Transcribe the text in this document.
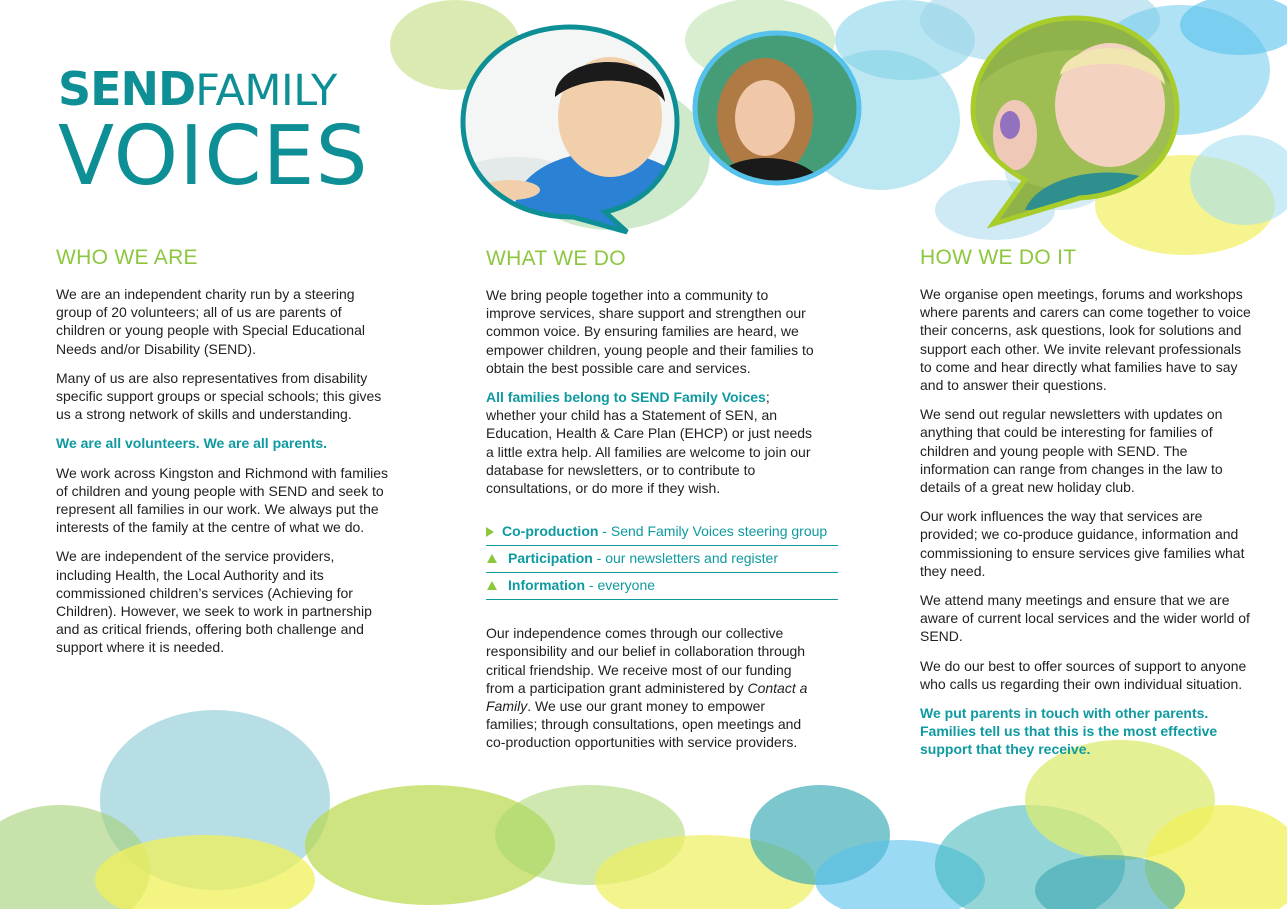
SENDFAMILY
VOICES
WHO WE ARE

We are an independent charity run by a steering group of 20 volunteers; all of us are parents of children or young people with Special Educational Needs and/or Disability (SEND).

Many of us are also representatives from disability specific support groups or special schools; this gives us a strong network of skills and understanding.

We are all volunteers. We are all parents.

We work across Kingston and Richmond with families of children and young people with SEND and seek to represent all families in our work. We always put the interests of the family at the centre of what we do.

We are independent of the service providers, including Health, the Local Authority and its commissioned children’s services (Achieving for Children). However, we seek to work in partnership and as critical friends, offering both challenge and support where it is needed.

WHAT WE DO

We bring people together into a community to improve services, share support and strengthen our common voice. By ensuring families are heard, we empower children, young people and their families to obtain the best possible care and services.

All families belong to SEND Family Voices; whether your child has a Statement of SEN, an Education, Health & Care Plan (EHCP) or just needs a little extra help. All families are welcome to join our database for newsletters, or to contribute to consultations, or do more if they wish.

Co-production - Send Family Voices steering group
Participation - our newsletters and register
Information - everyone

Our independence comes through our collective responsibility and our belief in collaboration through critical friendship. We receive most of our funding from a participation grant administered by Contact a Family. We use our grant money to empower families; through consultations, open meetings and co-production opportunities with service providers.

HOW WE DO IT

We organise open meetings, forums and workshops where parents and carers can come together to voice their concerns, ask questions, look for solutions and support each other. We invite relevant professionals to come and hear directly what families have to say and to answer their questions.

We send out regular newsletters with updates on anything that could be interesting for families of children and young people with SEND. The information can range from changes in the law to details of a great new holiday club.

Our work influences the way that services are provided; we co-produce guidance, information and commissioning to ensure services give families what they need.

We attend many meetings and ensure that we are aware of current local services and the wider world of SEND.

We do our best to offer sources of support to anyone who calls us regarding their own individual situation.

We put parents in touch with other parents. Families tell us that this is the most effective support that they receive.
